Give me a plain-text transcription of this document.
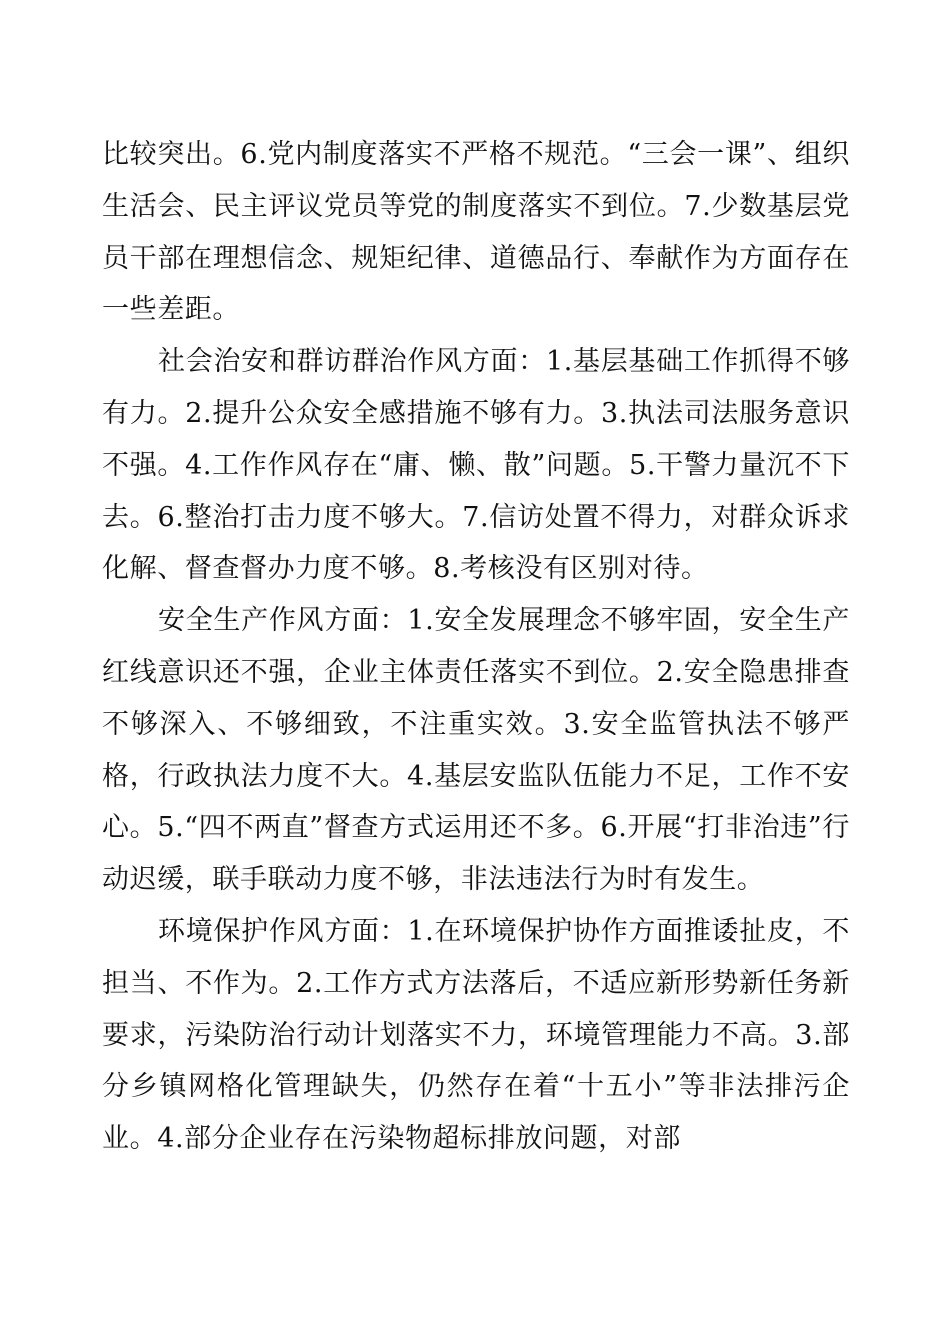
比较突出。6.党内制度落实不严格不规范。“三会一课”、组织生活会、民主评议党员等党的制度落实不到位。7.少数基层党员干部在理想信念、规矩纪律、道德品行、奉献作为方面存在一些差距。

社会治安和群访群治作风方面：1.基层基础工作抓得不够有力。2.提升公众安全感措施不够有力。3.执法司法服务意识不强。4.工作作风存在“庸、懒、散”问题。5.干警力量沉不下去。6.整治打击力度不够大。7.信访处置不得力，对群众诉求化解、督查督办力度不够。8.考核没有区别对待。

安全生产作风方面：1.安全发展理念不够牢固，安全生产红线意识还不强，企业主体责任落实不到位。2.安全隐患排查不够深入、不够细致，不注重实效。3.安全监管执法不够严格，行政执法力度不大。4.基层安监队伍能力不足，工作不安心。5.“四不两直”督查方式运用还不多。6.开展“打非治违”行动迟缓，联手联动力度不够，非法违法行为时有发生。

环境保护作风方面：1.在环境保护协作方面推诿扯皮，不担当、不作为。2.工作方式方法落后，不适应新形势新任务新要求，污染防治行动计划落实不力，环境管理能力不高。3.部分乡镇网格化管理缺失，仍然存在着“十五小”等非法排污企业。4.部分企业存在污染物超标排放问题，对部
